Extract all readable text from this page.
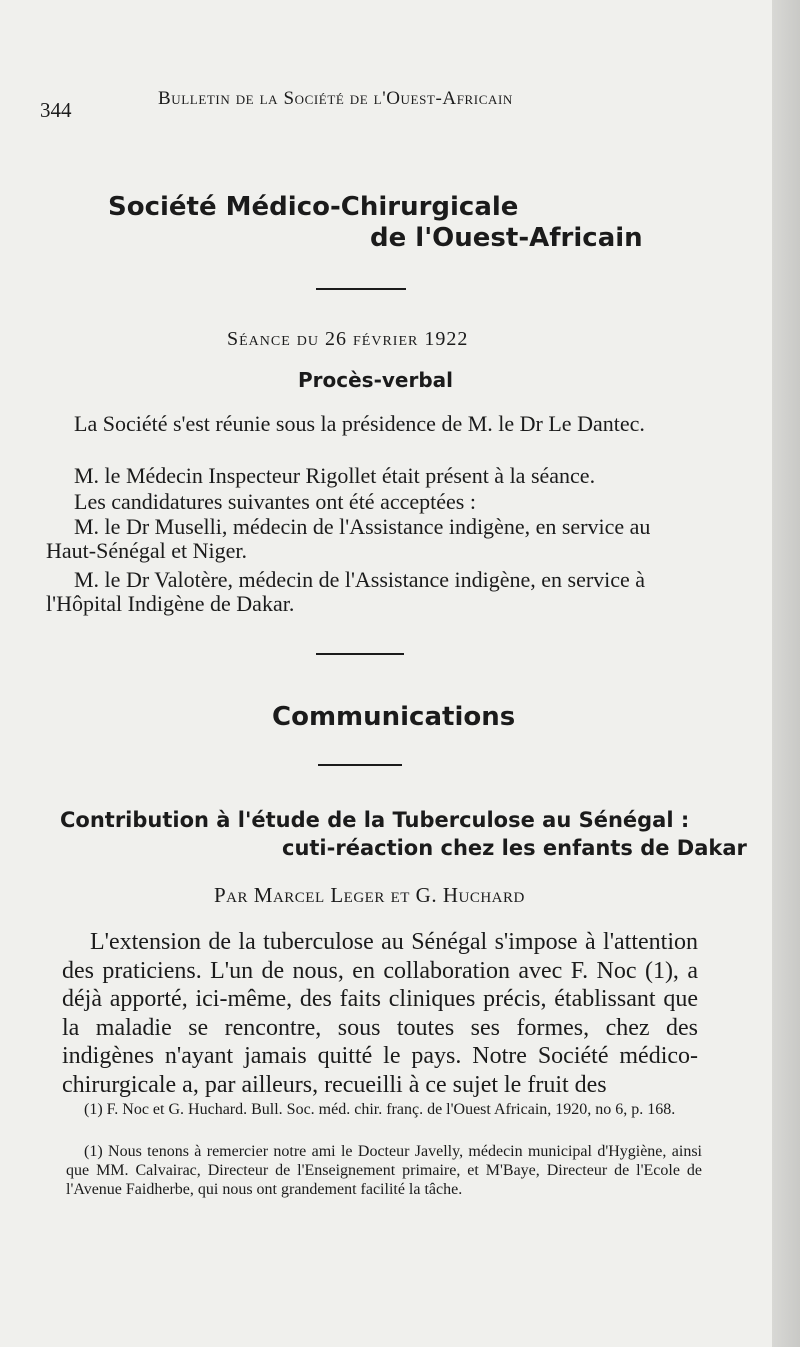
344	Bulletin de la Société de l'Ouest-Africain
Société Médico-Chirurgicale
de l'Ouest-Africain
Séance du 26 février 1922
Procès-verbal
La Société s'est réunie sous la présidence de M. le Dr Le Dantec.
M. le Médecin Inspecteur Rigollet était présent à la séance.
Les candidatures suivantes ont été acceptées :
M. le Dr Muselli, médecin de l'Assistance indigène, en service au Haut-Sénégal et Niger.
M. le Dr Valotère, médecin de l'Assistance indigène, en service à l'Hôpital Indigène de Dakar.
Communications
Contribution à l'étude de la Tuberculose au Sénégal :
cuti-réaction chez les enfants de Dakar
Par Marcel Leger et G. Huchard
L'extension de la tuberculose au Sénégal s'impose à l'attention des praticiens. L'un de nous, en collaboration avec F. Noc (1), a déjà apporté, ici-même, des faits cliniques précis, établissant que la maladie se rencontre, sous toutes ses formes, chez des indigènes n'ayant jamais quitté le pays. Notre Société médico-chirurgicale a, par ailleurs, recueilli à ce sujet le fruit des
(1) F. Noc et G. Huchard. Bull. Soc. méd. chir. franç. de l'Ouest Africain, 1920, no 6, p. 168.
(1) Nous tenons à remercier notre ami le Docteur Javelly, médecin municipal d'Hygiène, ainsi que MM. Calvairac, Directeur de l'Enseignement primaire, et M'Baye, Directeur de l'Ecole de l'Avenue Faidherbe, qui nous ont grandement facilité la tâche.
